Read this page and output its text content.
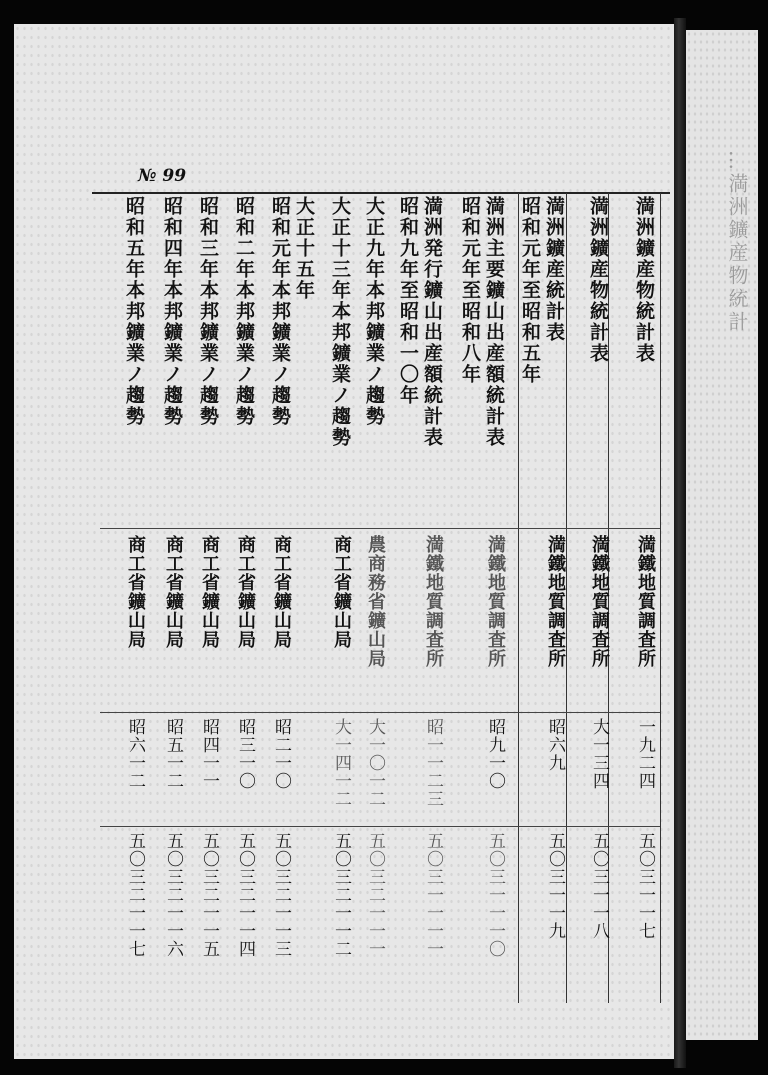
…満洲鑛産物統計
№ 99
満洲鑛産物統計表
満鐵地質調査所
一九二四
五〇三一一七
満洲鑛産物統計表
満鐵地質調査所
大一三四
五〇三一一八
満洲鑛産統計表
満鐵地質調査所
昭六九
五〇三一一九
昭和元年至昭和五年
満洲主要鑛山出産額統計表
満鐵地質調査所
昭九一〇
五〇三一一一〇
昭和元年至昭和八年
満洲発行鑛山出産額統計表
満鐵地質調査所
昭一一二三
五〇三一一一一
昭和九年至昭和一〇年
大正九年本邦鑛業ノ趨勢
農商務省鑛山局
大一〇一二
五〇三二一一一
大正十三年本邦鑛業ノ趨勢
商工省鑛山局
大一四一二
五〇三二一一二
大正十五年
昭和元年本邦鑛業ノ趨勢
商工省鑛山局
昭二一〇
五〇三二一一三
昭和二年本邦鑛業ノ趨勢
商工省鑛山局
昭三一〇
五〇三二一一四
昭和三年本邦鑛業ノ趨勢
商工省鑛山局
昭四一一
五〇三二一一五
昭和四年本邦鑛業ノ趨勢
商工省鑛山局
昭五一二
五〇三二一一六
昭和五年本邦鑛業ノ趨勢
商工省鑛山局
昭六一二
五〇三二一一七
